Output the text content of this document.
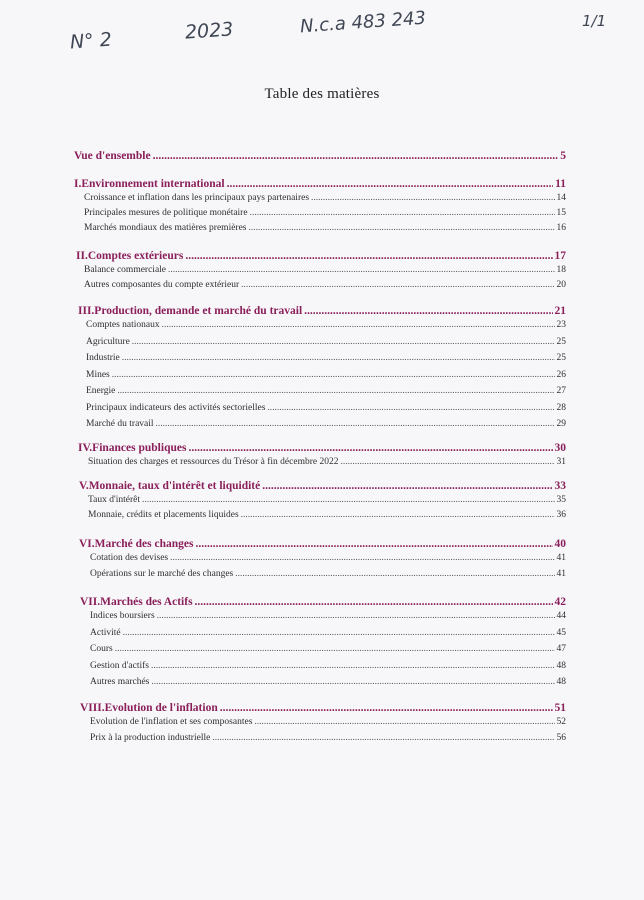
N° 2	2023	N.c.a 483 243	1/1
Table des matières
Vue d'ensemble .....	5
I.Environnement international .....	11
Croissance et inflation dans les principaux pays partenaires .....	14
Principales mesures de politique monétaire .....	15
Marchés mondiaux des matières premières .....	16
II.Comptes extérieurs .....	17
Balance commerciale .....	18
Autres composantes du compte extérieur .....	20
III.Production, demande et marché du travail .....	21
Comptes nationaux .....	23
Agriculture .....	25
Industrie .....	25
Mines .....	26
Energie .....	27
Principaux indicateurs des activités sectorielles .....	28
Marché du travail .....	29
IV.Finances publiques .....	30
Situation des charges et ressources du Trésor à fin décembre 2022 .....	31
V.Monnaie, taux d'intérêt et liquidité .....	33
Taux d'intérêt .....	35
Monnaie, crédits et placements liquides .....	36
VI.Marché des changes .....	40
Cotation des devises .....	41
Opérations sur le marché des changes .....	41
VII.Marchés des Actifs .....	42
Indices boursiers .....	44
Activité .....	45
Cours .....	47
Gestion d'actifs .....	48
Autres marchés .....	48
VIII.Evolution de l'inflation .....	51
Evolution de l'inflation et ses composantes .....	52
Prix à la production industrielle .....	56
